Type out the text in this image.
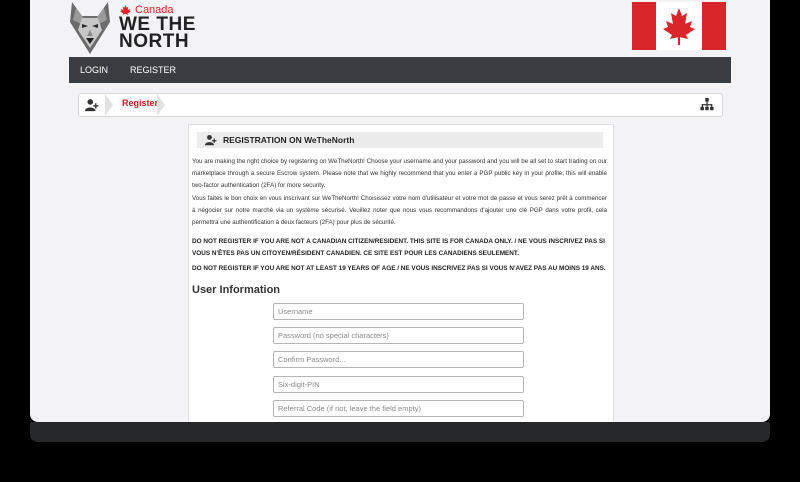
Canada
WE THE
NORTH
LOGIN	REGISTER
Register
REGISTRATION ON WeTheNorth

You are making the right choice by registering on WeTheNorth! Choose your username and your password and you will be all set to start trading on our marketplace through a secure Escrow system. Please note that we highly recommend that you enter a PGP public key in your profile; this will enable two-factor authentication (2FA) for more security.

Vous faites le bon choix en vous inscrivant sur WeTheNorth! Choisissez votre nom d'utilisateur et votre mot de passe et vous serez prêt à commencer à négocier sur notre marché via un système sécurisé. Veuillez noter que nous vous recommandons d'ajouter une clé PGP dans votre profil, cela permettra une authentification à deux facteurs (2FA) pour plus de sécurité.

DO NOT REGISTER IF YOU ARE NOT A CANADIAN CITIZEN/RESIDENT. THIS SITE IS FOR CANADA ONLY. / NE VOUS INSCRIVEZ PAS SI VOUS N'ÊTES PAS UN CITOYEN/RÉSIDENT CANADIEN. CE SITE EST POUR LES CANADIENS SEULEMENT.

DO NOT REGISTER IF YOU ARE NOT AT LEAST 19 YEARS OF AGE / NE VOUS INSCRIVEZ PAS SI VOUS N'AVEZ PAS AU MOINS 19 ANS.

User Information
Username
Six-digit-PIN
Referral Code (if not, leave the field empty)
